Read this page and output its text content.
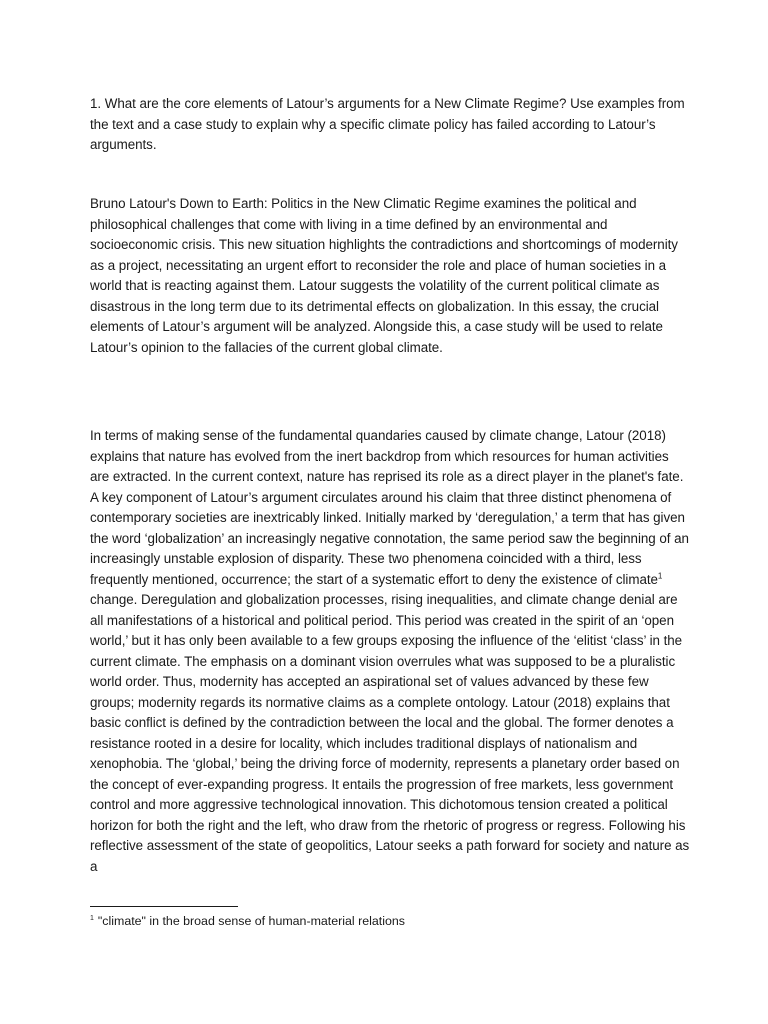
1. What are the core elements of Latour’s arguments for a New Climate Regime? Use examples from the text and a case study to explain why a specific climate policy has failed according to Latour’s arguments.

Bruno Latour's Down to Earth: Politics in the New Climatic Regime examines the political and philosophical challenges that come with living in a time defined by an environmental and socioeconomic crisis. This new situation highlights the contradictions and shortcomings of modernity as a project, necessitating an urgent effort to reconsider the role and place of human societies in a world that is reacting against them. Latour suggests the volatility of the current political climate as disastrous in the long term due to its detrimental effects on globalization. In this essay, the crucial elements of Latour’s argument will be analyzed. Alongside this, a case study will be used to relate Latour’s opinion to the fallacies of the current global climate.

In terms of making sense of the fundamental quandaries caused by climate change, Latour (2018) explains that nature has evolved from the inert backdrop from which resources for human activities are extracted. In the current context, nature has reprised its role as a direct player in the planet's fate. A key component of Latour’s argument circulates around his claim that three distinct phenomena of contemporary societies are inextricably linked. Initially marked by ‘deregulation,’ a term that has given the word ‘globalization’ an increasingly negative connotation, the same period saw the beginning of an increasingly unstable explosion of disparity. These two phenomena coincided with a third, less frequently mentioned, occurrence; the start of a systematic effort to deny the existence of climate$^1$ change. Deregulation and globalization processes, rising inequalities, and climate change denial are all manifestations of a historical and political period. This period was created in the spirit of an ‘open world,’ but it has only been available to a few groups exposing the influence of the ‘elitist ‘class’ in the current climate. The emphasis on a dominant vision overrules what was supposed to be a pluralistic world order. Thus, modernity has accepted an aspirational set of values advanced by these few groups; modernity regards its normative claims as a complete ontology. Latour (2018) explains that basic conflict is defined by the contradiction between the local and the global. The former denotes a resistance rooted in a desire for locality, which includes traditional displays of nationalism and xenophobia. The ‘global,’ being the driving force of modernity, represents a planetary order based on the concept of ever-expanding progress. It entails the progression of free markets, less government control and more aggressive technological innovation. This dichotomous tension created a political horizon for both the right and the left, who draw from the rhetoric of progress or regress. Following his reflective assessment of the state of geopolitics, Latour seeks a path forward for society and nature as a

$^1$ "climate" in the broad sense of human-material relations
